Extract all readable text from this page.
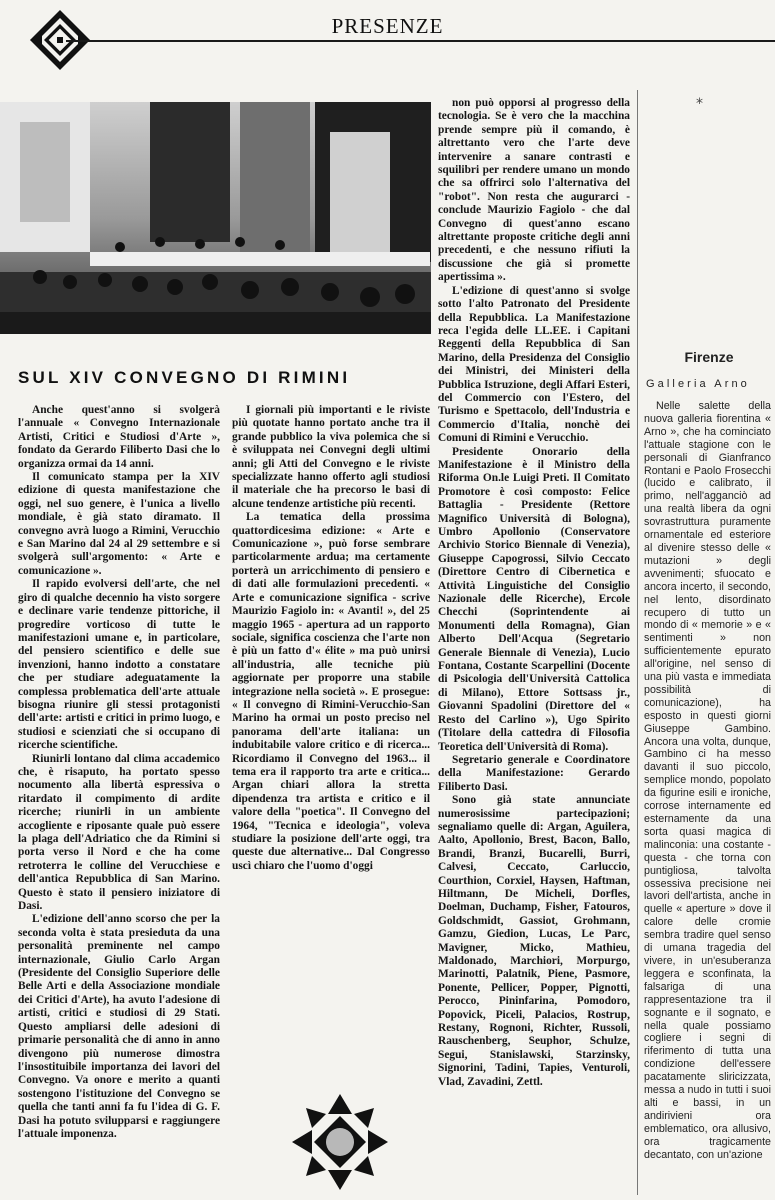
PRESENZE
SUL XIV CONVEGNO DI RIMINI

Anche quest'anno si svolgerà l'annuale « Convegno Internazionale Artisti, Critici e Studiosi d'Arte », fondato da Gerardo Filiberto Dasi che lo organizza ormai da 14 anni.

Il comunicato stampa per la XIV edizione di questa manifestazione che oggi, nel suo genere, è l'unica a livello mondiale, è già stato diramato. Il convegno avrà luogo a Rimini, Verucchio e San Marino dal 24 al 29 settembre e si svolgerà sull'argomento: « Arte e comunicazione ».

Il rapido evolversi dell'arte, che nel giro di qualche decennio ha visto sorgere e declinare varie tendenze pittoriche, il progredire vorticoso di tutte le manifestazioni umane e, in particolare, del pensiero scientifico e delle sue invenzioni, hanno indotto a constatare che per studiare adeguatamente la complessa problematica dell'arte attuale bisogna riunire gli stessi protagonisti dell'arte: artisti e critici in primo luogo, e studiosi e scienziati che si occupano di ricerche scientifiche.

Riunirli lontano dal clima accademico che, è risaputo, ha portato spesso nocumento alla libertà espressiva o ritardato il compimento di ardite ricerche; riunirli in un ambiente accogliente e riposante quale può essere la plaga dell'Adriatico che da Rimini si porta verso il Nord e che ha come retroterra le colline del Verucchiese e dell'antica Repubblica di San Marino. Questo è stato il pensiero iniziatore di Dasi.

L'edizione dell'anno scorso che per la seconda volta è stata presieduta da una personalità preminente nel campo internazionale, Giulio Carlo Argan (Presidente del Consiglio Superiore delle Belle Arti e della Associazione mondiale dei Critici d'Arte), ha avuto l'adesione di artisti, critici e studiosi di 29 Stati. Questo ampliarsi delle adesioni di primarie personalità che di anno in anno divengono più numerose dimostra l'insostituibile importanza dei lavori del Convegno. Va onore e merito a quanti sostengono l'istituzione del Convegno se quella che tanti anni fa fu l'idea di G. F. Dasi ha potuto svilupparsi e raggiungere l'attuale imponenza.

I giornali più importanti e le riviste più quotate hanno portato anche tra il grande pubblico la viva polemica che si è sviluppata nei Convegni degli ultimi anni; gli Atti del Convegno e le riviste specializzate hanno offerto agli studiosi il materiale che ha precorso le basi di alcune tendenze artistiche più recenti.

La tematica della prossima quattordicesima edizione: « Arte e Comunicazione », può forse sembrare particolarmente ardua; ma certamente porterà un arricchimento di pensiero e di dati alle formulazioni precedenti. « Arte e comunicazione significa - scrive Maurizio Fagiolo in: « Avanti! », del 25 maggio 1965 - apertura ad un rapporto sociale, significa coscienza che l'arte non è più un fatto d'« élite » ma può unirsi all'industria, alle tecniche più aggiornate per proporre una stabile integrazione nella società ». E prosegue: « Il convegno di Rimini-Verucchio-San Marino ha ormai un posto preciso nel panorama dell'arte italiana: un indubitabile valore critico e di ricerca... Ricordiamo il Convegno del 1963... il tema era il rapporto tra arte e critica... Argan chiari allora la stretta dipendenza tra artista e critico e il valore della "poetica". Il Convegno del 1964, "Tecnica e ideologia", voleva studiare la posizione dell'arte oggi, tra queste due alternative... Dal Congresso uscì chiaro che l'uomo d'oggi

non può opporsi al progresso della tecnologia. Se è vero che la macchina prende sempre più il comando, è altrettanto vero che l'arte deve intervenire a sanare contrasti e squilibri per rendere umano un mondo che sa offrirci solo l'alternativa del "robot". Non resta che augurarci - conclude Maurizio Fagiolo - che dal Convegno di quest'anno escano altrettante proposte critiche degli anni precedenti, e che nessuno rifiuti la discussione che già si promette apertissima ».

L'edizione di quest'anno si svolge sotto l'alto Patronato del Presidente della Repubblica. La Manifestazione reca l'egida delle LL.EE. i Capitani Reggenti della Repubblica di San Marino, della Presidenza del Consiglio dei Ministri, dei Ministeri della Pubblica Istruzione, degli Affari Esteri, del Commercio con l'Estero, del Turismo e Spettacolo, dell'Industria e Commercio d'Italia, nonchè dei Comuni di Rimini e Verucchio.

Presidente Onorario della Manifestazione è il Ministro della Riforma On.le Luigi Preti. Il Comitato Promotore è così composto: Felice Battaglia - Presidente (Rettore Magnifico Università di Bologna), Umbro Apollonio (Conservatore Archivio Storico Biennale di Venezia), Giuseppe Capogrossi, Silvio Ceccato (Direttore Centro di Cibernetica e Attività Linguistiche del Consiglio Nazionale delle Ricerche), Ercole Checchi (Soprintendente ai Monumenti della Romagna), Gian Alberto Dell'Acqua (Segretario Generale Biennale di Venezia), Lucio Fontana, Costante Scarpellini (Docente di Psicologia dell'Università Cattolica di Milano), Ettore Sottsass jr., Giovanni Spadolini (Direttore del « Resto del Carlino »), Ugo Spirito (Titolare della cattedra di Filosofia Teoretica dell'Università di Roma).

Segretario generale e Coordinatore della Manifestazione: Gerardo Filiberto Dasi.

Sono già state annunciate numerosissime partecipazioni; segnaliamo quelle di: Argan, Aguilera, Aalto, Apollonio, Brest, Bacon, Ballo, Brandi, Branzi, Bucarelli, Burri, Calvesi, Ceccato, Carluccio, Courthion, Corxiel, Haysen, Haftman, Hiltmann, De Micheli, Dorfles, Doelman, Duchamp, Fisher, Fatouros, Goldschmidt, Gassiot, Grohmann, Gamzu, Giedion, Lucas, Le Parc, Mavigner, Micko, Mathieu, Maldonado, Marchiori, Morpurgo, Marinotti, Palatnik, Piene, Pasmore, Ponente, Pellicer, Popper, Pignotti, Perocco, Pininfarina, Pomodoro, Popovick, Piceli, Palacios, Rostrup, Restany, Rognoni, Richter, Russoli, Rauschenberg, Seuphor, Schulze, Segui, Stanislawski, Starzinsky, Signorini, Tadini, Tapies, Venturoli, Vlad, Zavadini, Zettl.

*
Firenze
Galleria Arno

Nelle salette della nuova galleria fiorentina « Arno », che ha cominciato l'attuale stagione con le personali di Gianfranco Rontani e Paolo Frosecchi (lucido e calibrato, il primo, nell'agganciò ad una realtà libera da ogni sovrastruttura puramente ornamentale ed esteriore al divenire stesso delle « mutazioni » degli avvenimenti; sfuocato e ancora incerto, il secondo, nel lento, disordinato recupero di tutto un mondo di « memorie » e « sentimenti » non sufficientemente epurato all'origine, nel senso di una più vasta e immediata possibilità di comunicazione), ha esposto in questi giorni Giuseppe Gambino. Ancora una volta, dunque, Gambino ci ha messo davanti il suo piccolo, semplice mondo, popolato da figurine esili e ironiche, corrose internamente ed esternamente da una sorta quasi magica di malinconia: una costante - questa - che torna con puntigliosa, talvolta ossessiva precisione nei lavori dell'artista, anche in quelle « aperture » dove il calore delle cromie sembra tradire quel senso di umana tragedia del vivere, in un'esuberanza leggera e sconfinata, la falsariga di una rappresentazione tra il sognante e il sognato, e nella quale possiamo cogliere i segni di riferimento di tutta una condizione dell'essere pacatamente sliricizzata, messa a nudo in tutti i suoi alti e bassi, in un andirivieni ora emblematico, ora allusivo, ora tragicamente decantato, con un'azione
